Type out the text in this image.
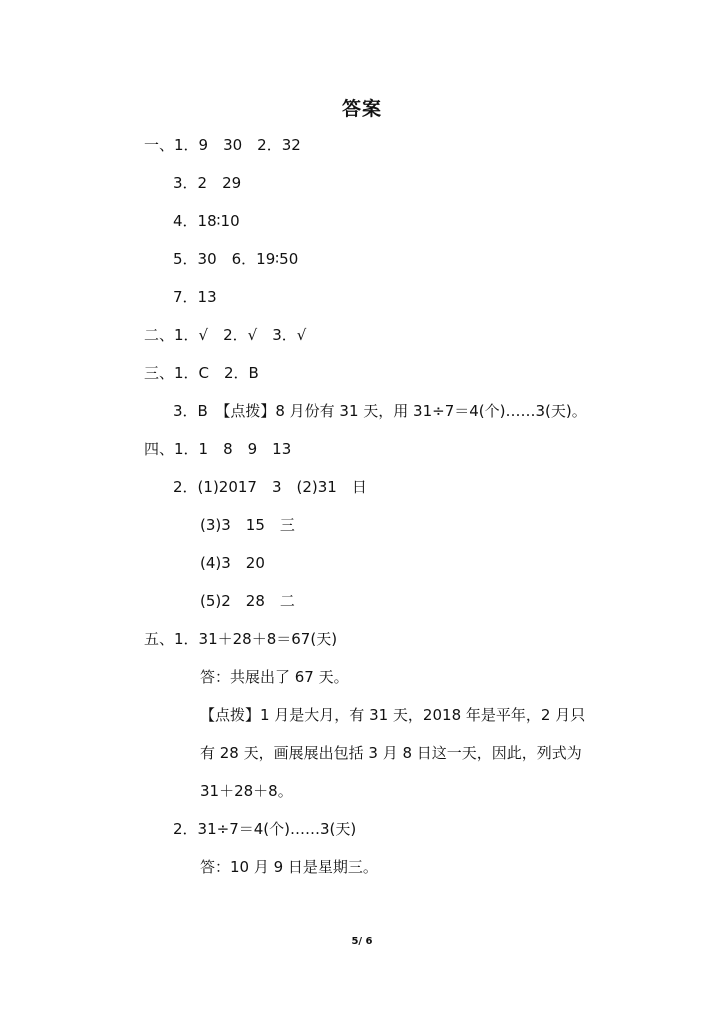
答案
一、1．9　30　2．32
3．2　29
4．18∶10
5．30　6．19∶50
7．13
二、1．√　2．√　3．√
三、1．C　2．B
3．B　【点拨】8 月份有 31 天，用 31÷7＝4(个)……3(天)。
四、1．1　8　9　13
2．(1)2017　3　(2)31　日
(3)3　15　三
(4)3　20
(5)2　28　二
五、1．31＋28＋8＝67(天)
答：共展出了 67 天。
【点拨】1 月是大月，有 31 天，2018 年是平年，2 月只
有 28 天，画展展出包括 3 月 8 日这一天，因此，列式为
31＋28＋8。
2．31÷7＝4(个)……3(天)
答：10 月 9 日是星期三。
5/ 6
